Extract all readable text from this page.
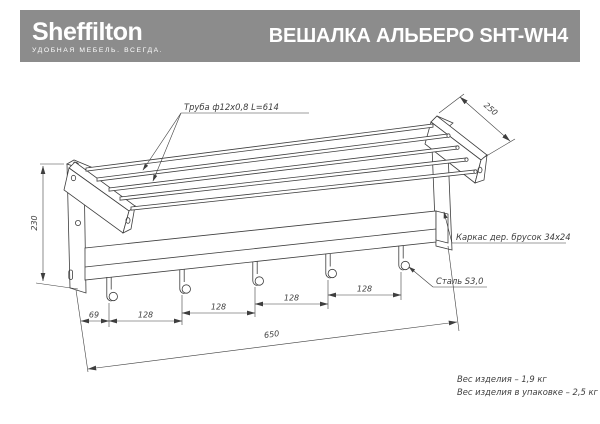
Sheffilton
УДОБНАЯ МЕБЕЛЬ. ВСЕГДА.
ВЕШАЛКА АЛЬБЕРО SHT-WH4
230
250
69	128
128
128
128
650
Труба ф12х0,8 L=614
Каркас дер. брусок 34х24
Сталь S3,0
Вес изделия – 1,9 кг
Вес изделия в упаковке – 2,5 кг
